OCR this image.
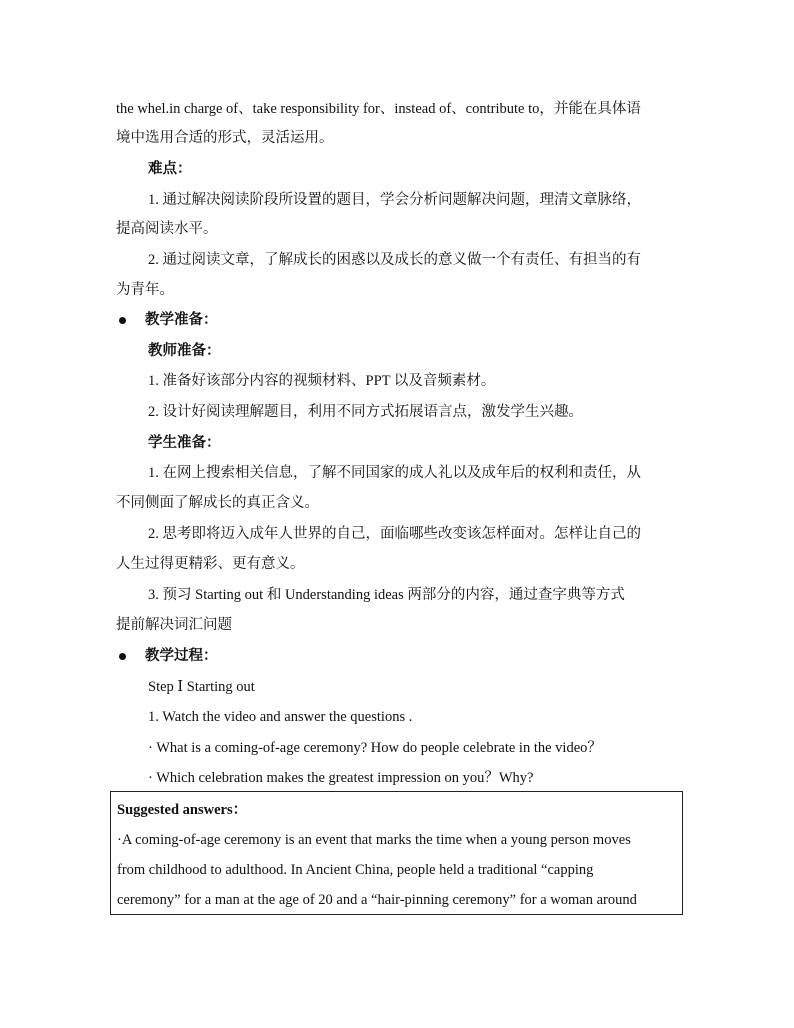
the whel.in charge of、take responsibility for、instead of、contribute to，并能在具体语
境中选用合适的形式，灵活运用。
难点：
1. 通过解决阅读阶段所设置的题目，学会分析问题解决问题，理清文章脉络，
提高阅读水平。
2. 通过阅读文章，了解成长的困惑以及成长的意义做一个有责任、有担当的有
为青年。
教学准备：
教师准备：
1. 准备好该部分内容的视频材料、PPT 以及音频素材。
2. 设计好阅读理解题目，利用不同方式拓展语言点，激发学生兴趣。
学生准备：
1. 在网上搜索相关信息，了解不同国家的成人礼以及成年后的权利和责任，从
不同侧面了解成长的真正含义。
2. 思考即将迈入成年人世界的自己，面临哪些改变该怎样面对。怎样让自己的
人生过得更精彩、更有意义。
3. 预习 Starting out 和 Understanding ideas 两部分的内容，通过查字典等方式
提前解决词汇问题
教学过程：
Step Ⅰ Starting out
1. Watch the video and answer the questions .
· What is a coming-of-age ceremony? How do people celebrate in the video？
· Which celebration makes the greatest impression on you？Why?
Suggested answers：
·A coming-of-age ceremony is an event that marks the time when a young person moves
from childhood to adulthood. In Ancient China, people held a traditional “capping
ceremony” for a man at the age of 20 and a “hair-pinning ceremony” for a woman around
